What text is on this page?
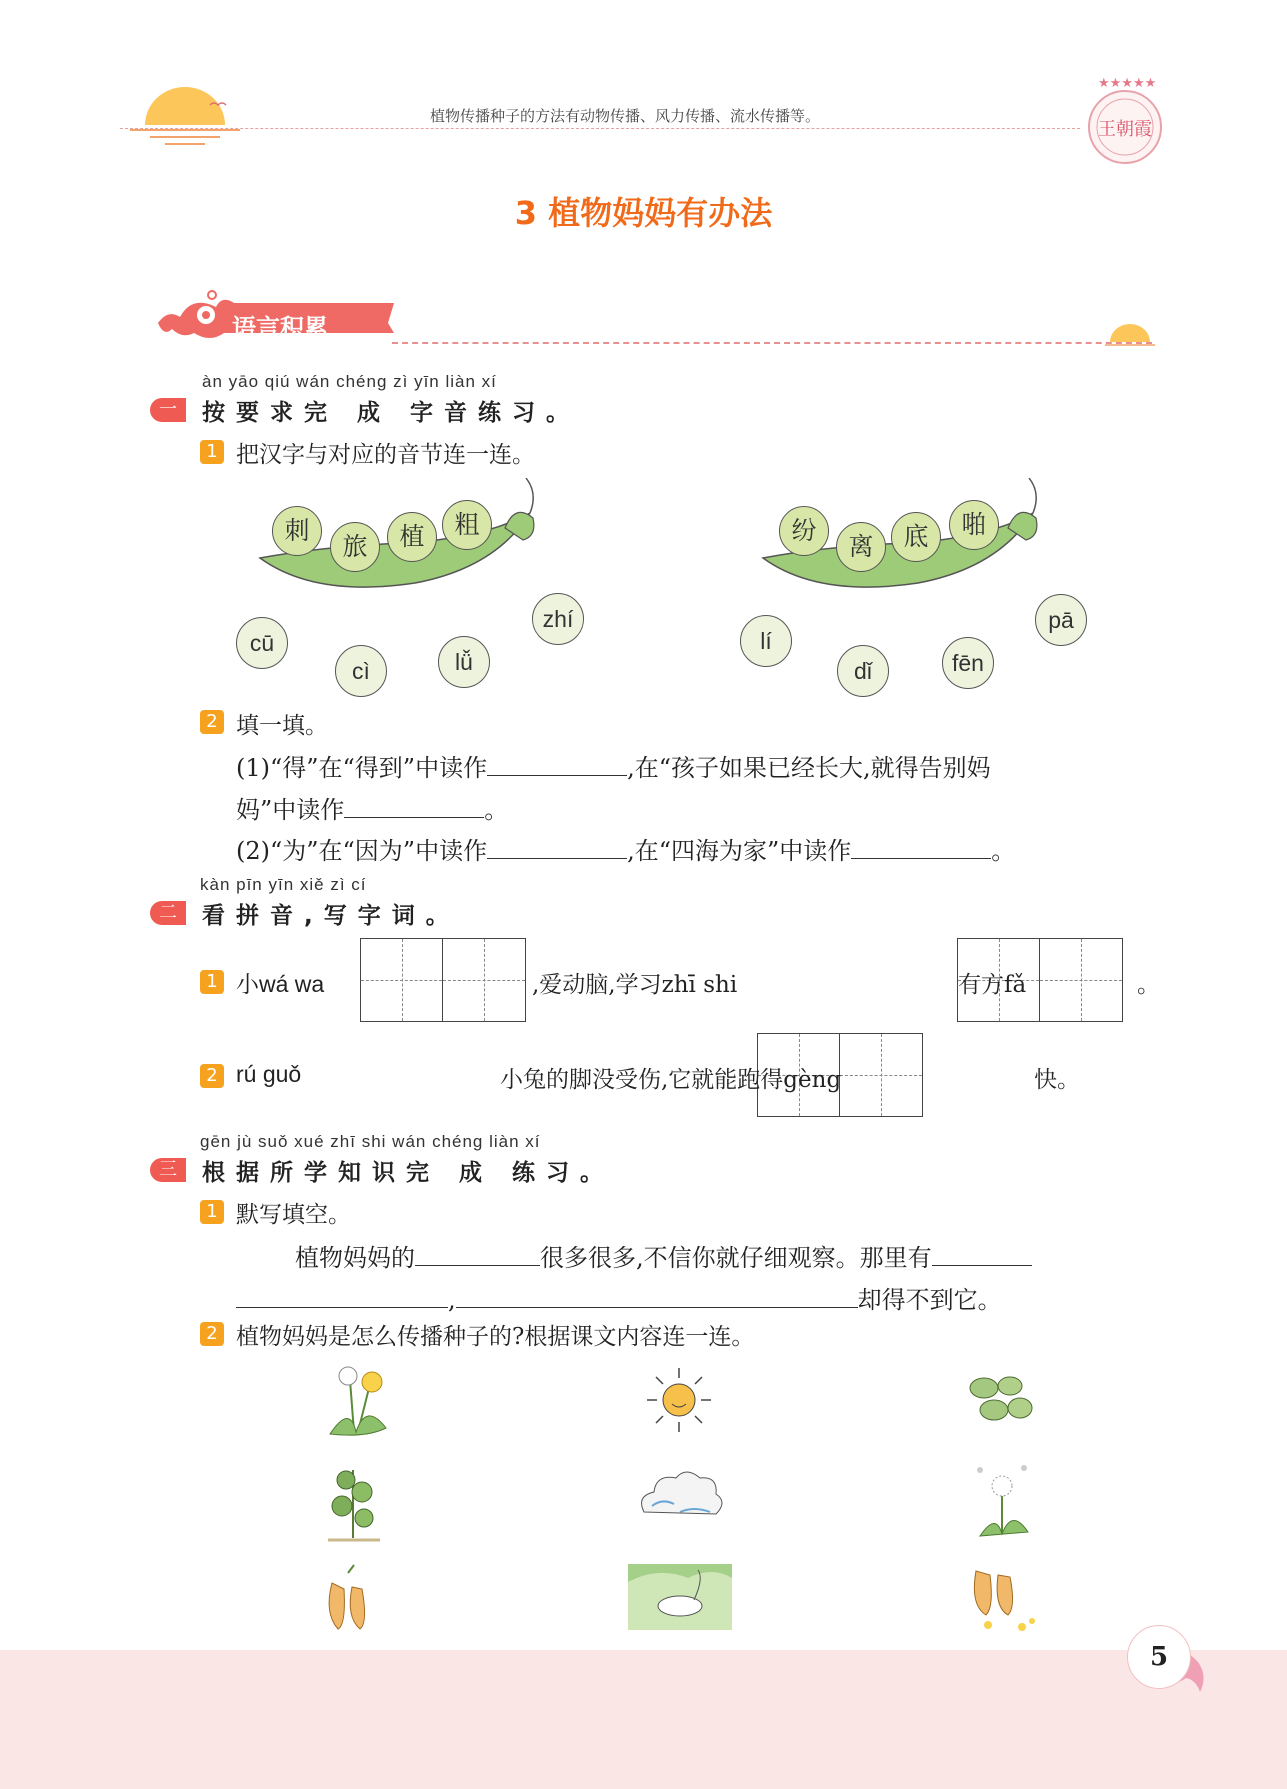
植物传播种子的方法有动物传播、风力传播、流水传播等。
★★★★★
王朝霞
3 植物妈妈有办法
语言积累
àn yāo qiú wán chéng zì yīn liàn xí
一	按要求完 成 字音练习。
1 把汉字与对应的音节连一连。
刺
旅	植	粗
cū
cì	lǚ
zhí
纷
离	底	啪
lí
dǐ	fēn
pā
2 填一填。
(1)“得”在“得到”中读作	,在“孩子如果已经长大,就得告别妈
妈”中读作	。
(2)“为”在“因为”中读作	,在“四海为家”中读作	。
kàn pīn yīn xiě zì cí
二	看拼音,写字词。
1 小wá wa
	,爱动脑,学习zhī shi
	有方fǎ
	。
2 rú guǒ
	小兔的脚没受伤,它就能跑得gèng	快。
gēn jù suǒ xué zhī shi wán chéng liàn xí
三	根据所学知识完 成 练习。
1 默写填空。
植物妈妈的	很多很多,不信你就仔细观察。那里有
,	却得不到它。
2 植物妈妈是怎么传播种子的?根据课文内容连一连。
5
